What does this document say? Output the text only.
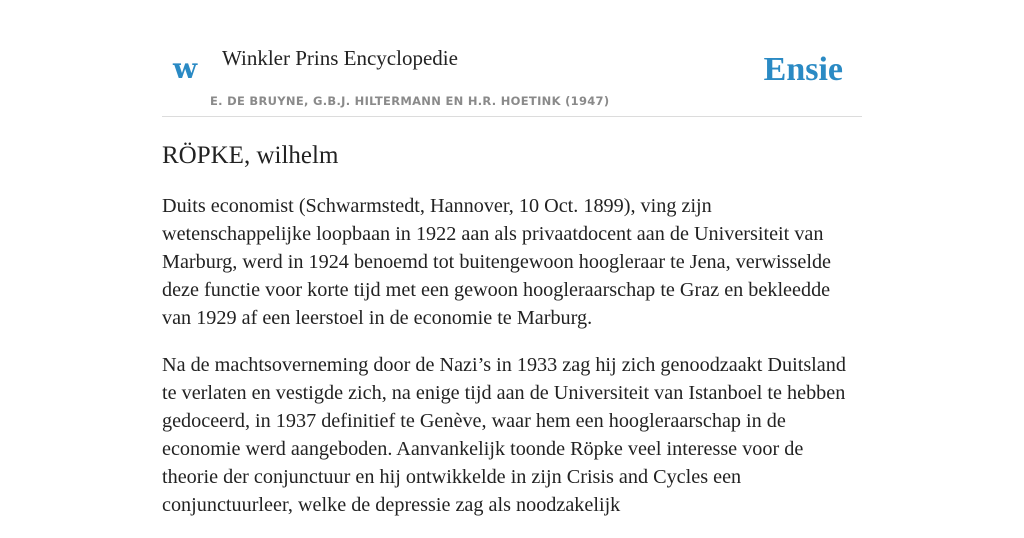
w Winkler Prins Encyclopedie
E. DE BRUYNE, G.B.J. HILTERMANN EN H.R. HOETINK (1947)
Ensie
RÖPKE, wilhelm

Duits economist (Schwarmstedt, Hannover, 10 Oct. 1899), ving zijn wetenschappelijke loopbaan in 1922 aan als privaatdocent aan de Universiteit van Marburg, werd in 1924 benoemd tot buitengewoon hoogleraar te Jena, verwisselde deze functie voor korte tijd met een gewoon hoogleraarschap te Graz en bekleedde van 1929 af een leerstoel in de economie te Marburg.

Na de machtsoverneming door de Nazi’s in 1933 zag hij zich genoodzaakt Duitsland te verlaten en vestigde zich, na enige tijd aan de Universiteit van Istanboel te hebben gedoceerd, in 1937 definitief te Genève, waar hem een hoogleraarschap in de economie werd aangeboden. Aanvankelijk toonde Röpke veel interesse voor de theorie der conjunctuur en hij ontwikkelde in zijn Crisis and Cycles een conjunctuurleer, welke de depressie zag als noodzakelijk
